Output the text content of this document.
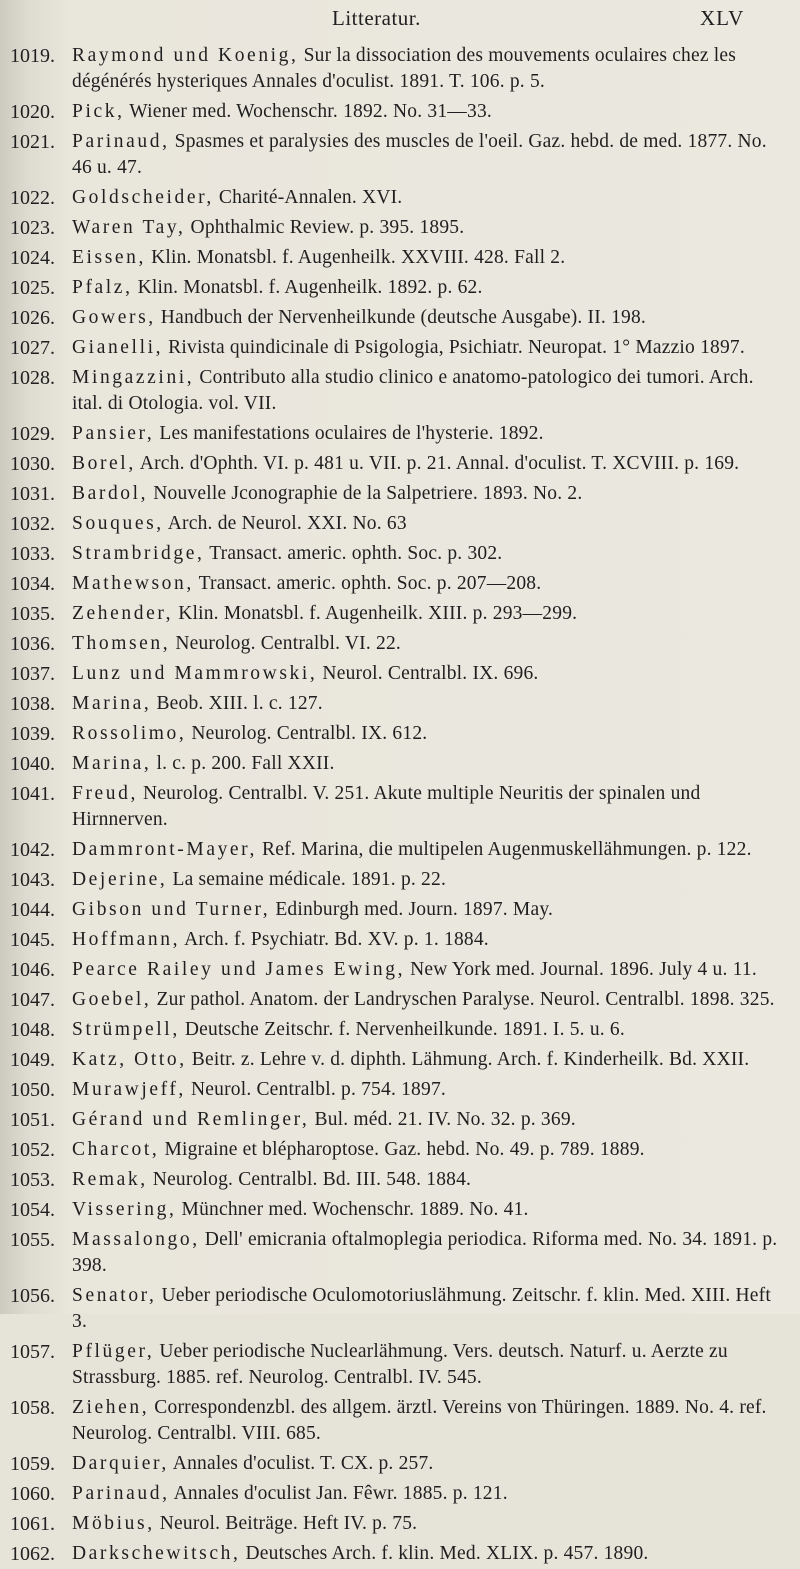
Litteratur.	XLV
1019. Raymond und Koenig, Sur la dissociation des mouvements oculaires chez les dégénérés hysteriques Annales d'oculist. 1891. T. 106. p. 5.
1020. Pick, Wiener med. Wochenschr. 1892. No. 31—33.
1021. Parinaud, Spasmes et paralysies des muscles de l'oeil. Gaz. hebd. de med. 1877. No. 46 u. 47.
1022. Goldscheider, Charité-Annalen. XVI.
1023. Waren Tay, Ophthalmic Review. p. 395. 1895.
1024. Eissen, Klin. Monatsbl. f. Augenheilk. XXVIII. 428. Fall 2.
1025. Pfalz, Klin. Monatsbl. f. Augenheilk. 1892. p. 62.
1026. Gowers, Handbuch der Nervenheilkunde (deutsche Ausgabe). II. 198.
1027. Gianelli, Rivista quindicinale di Psigologia, Psichiatr. Neuropat. 1° Mazzio 1897.
1028. Mingazzini, Contributo alla studio clinico e anatomo-patologico dei tumori. Arch. ital. di Otologia. vol. VII.
1029. Pansier, Les manifestations oculaires de l'hysterie. 1892.
1030. Borel, Arch. d'Ophth. VI. p. 481 u. VII. p. 21. Annal. d'oculist. T. XCVIII. p. 169.
1031. Bardol, Nouvelle Jconographie de la Salpetriere. 1893. No. 2.
1032. Souques, Arch. de Neurol. XXI. No. 63
1033. Strambridge, Transact. americ. ophth. Soc. p. 302.
1034. Mathewson, Transact. americ. ophth. Soc. p. 207—208.
1035. Zehender, Klin. Monatsbl. f. Augenheilk. XIII. p. 293—299.
1036. Thomsen, Neurolog. Centralbl. VI. 22.
1037. Lunz und Mammrowski, Neurol. Centralbl. IX. 696.
1038. Marina, Beob. XIII. l. c. 127.
1039. Rossolimo, Neurolog. Centralbl. IX. 612.
1040. Marina, l. c. p. 200. Fall XXII.
1041. Freud, Neurolog. Centralbl. V. 251. Akute multiple Neuritis der spinalen und Hirnnerven.
1042. Dammront-Mayer, Ref. Marina, die multipelen Augenmuskellähmungen. p. 122.
1043. Dejerine, La semaine médicale. 1891. p. 22.
1044. Gibson und Turner, Edinburgh med. Journ. 1897. May.
1045. Hoffmann, Arch. f. Psychiatr. Bd. XV. p. 1. 1884.
1046. Pearce Railey und James Ewing, New York med. Journal. 1896. July 4 u. 11.
1047. Goebel, Zur pathol. Anatom. der Landryschen Paralyse. Neurol. Centralbl. 1898. 325.
1048. Strümpell, Deutsche Zeitschr. f. Nervenheilkunde. 1891. I. 5. u. 6.
1049. Katz, Otto, Beitr. z. Lehre v. d. diphth. Lähmung. Arch. f. Kinderheilk. Bd. XXII.
1050. Murawjeff, Neurol. Centralbl. p. 754. 1897.
1051. Gérand und Remlinger, Bul. méd. 21. IV. No. 32. p. 369.
1052. Charcot, Migraine et blépharoptose. Gaz. hebd. No. 49. p. 789. 1889.
1053. Remak, Neurolog. Centralbl. Bd. III. 548. 1884.
1054. Vissering, Münchner med. Wochenschr. 1889. No. 41.
1055. Massalongo, Dell' emicrania oftalmoplegia periodica. Riforma med. No. 34. 1891. p. 398.
1056. Senator, Ueber periodische Oculomotoriuslähmung. Zeitschr. f. klin. Med. XIII. Heft 3.
1057. Pflüger, Ueber periodische Nuclearlähmung. Vers. deutsch. Naturf. u. Aerzte zu Strassburg. 1885. ref. Neurolog. Centralbl. IV. 545.
1058. Ziehen, Correspondenzbl. des allgem. ärztl. Vereins von Thüringen. 1889. No. 4. ref. Neurolog. Centralbl. VIII. 685.
1059. Darquier, Annales d'oculist. T. CX. p. 257.
1060. Parinaud, Annales d'oculist Jan. Fêwr. 1885. p. 121.
1061. Möbius, Neurol. Beiträge. Heft IV. p. 75.
1062. Darkschewitsch, Deutsches Arch. f. klin. Med. XLIX. p. 457. 1890.
